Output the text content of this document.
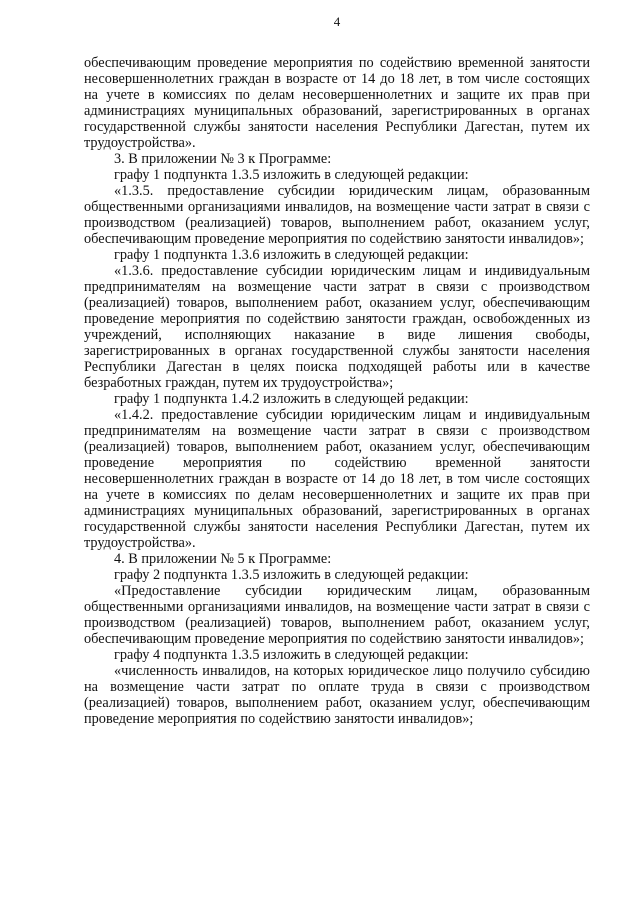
4

обеспечивающим проведение мероприятия по содействию временной занятости несовершеннолетних граждан в возрасте от 14 до 18 лет, в том числе состоящих на учете в комиссиях по делам несовершеннолетних и защите их прав при администрациях муниципальных образований, зарегистрированных в органах государственной службы занятости населения Республики Дагестан, путем их трудоустройства».

3. В приложении № 3 к Программе:

графу 1 подпункта 1.3.5 изложить в следующей редакции:

«1.3.5. предоставление субсидии юридическим лицам, образованным общественными организациями инвалидов, на возмещение части затрат в связи с производством (реализацией) товаров, выполнением работ, оказанием услуг, обеспечивающим проведение мероприятия по содействию занятости инвалидов»;

графу 1 подпункта 1.3.6 изложить в следующей редакции:

«1.3.6. предоставление субсидии юридическим лицам и индивидуальным предпринимателям на возмещение части затрат в связи с производством (реализацией) товаров, выполнением работ, оказанием услуг, обеспечивающим проведение мероприятия по содействию занятости граждан, освобожденных из учреждений, исполняющих наказание в виде лишения свободы, зарегистрированных в органах государственной службы занятости населения Республики Дагестан в целях поиска подходящей работы или в качестве безработных граждан, путем их трудоустройства»;

графу 1 подпункта 1.4.2 изложить в следующей редакции:

«1.4.2. предоставление субсидии юридическим лицам и индивидуальным предпринимателям на возмещение части затрат в связи с производством (реализацией) товаров, выполнением работ, оказанием услуг, обеспечивающим проведение мероприятия по содействию временной занятости несовершеннолетних граждан в возрасте от 14 до 18 лет, в том числе состоящих на учете в комиссиях по делам несовершеннолетних и защите их прав при администрациях муниципальных образований, зарегистрированных в органах государственной службы занятости населения Республики Дагестан, путем их трудоустройства».

4. В приложении № 5 к Программе:

графу 2 подпункта 1.3.5 изложить в следующей редакции:

«Предоставление субсидии юридическим лицам, образованным общественными организациями инвалидов, на возмещение части затрат в связи с производством (реализацией) товаров, выполнением работ, оказанием услуг, обеспечивающим проведение мероприятия по содействию занятости инвалидов»;

графу 4 подпункта 1.3.5 изложить в следующей редакции:

«численность инвалидов, на которых юридическое лицо получило субсидию на возмещение части затрат по оплате труда в связи с производством (реализацией) товаров, выполнением работ, оказанием услуг, обеспечивающим проведение мероприятия по содействию занятости инвалидов»;
